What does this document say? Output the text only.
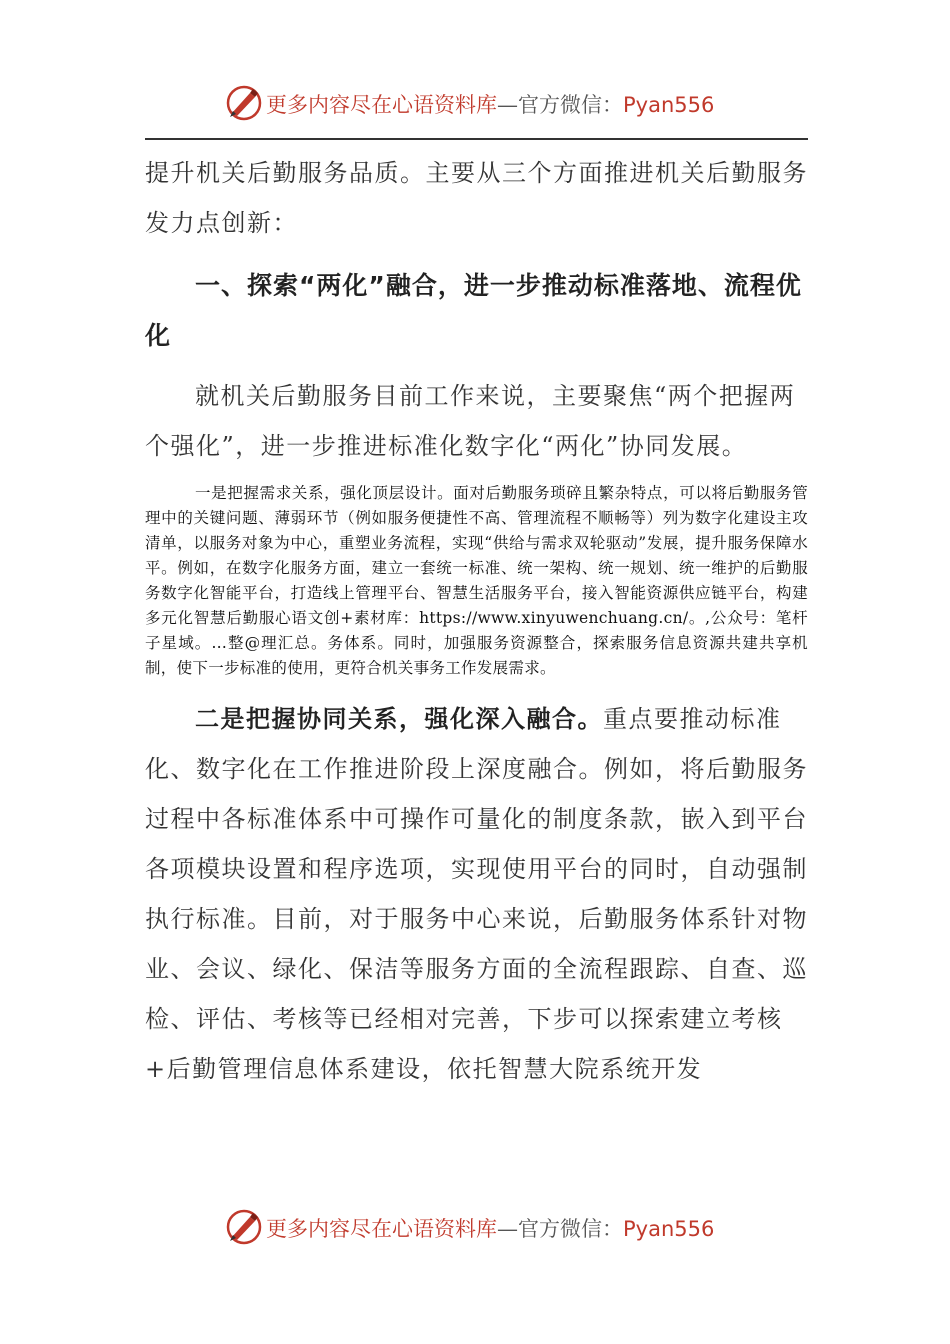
更多内容尽在心语资料库—官方微信：Pyan556

提升机关后勤服务品质。主要从三个方面推进机关后勤服务发力点创新：

一、探索“两化”融合，进一步推动标准落地、流程优化

就机关后勤服务目前工作来说，主要聚焦“两个把握两个强化”，进一步推进标准化数字化“两化”协同发展。

一是把握需求关系，强化顶层设计。面对后勤服务琐碎且繁杂特点，可以将后勤服务管理中的关键问题、薄弱环节（例如服务便捷性不高、管理流程不顺畅等）列为数字化建设主攻清单，以服务对象为中心，重塑业务流程，实现“供给与需求双轮驱动”发展，提升服务保障水平。例如，在数字化服务方面，建立一套统一标准、统一架构、统一规划、统一维护的后勤服务数字化智能平台，打造线上管理平台、智慧生活服务平台，接入智能资源供应链平台，构建多元化智慧后勤服心语文创+素材库：https://www.xinyuwenchuang.cn/。,公众号：笔杆子星域。…整@理汇总。务体系。同时，加强服务资源整合，探索服务信息资源共建共享机制，使下一步标准的使用，更符合机关事务工作发展需求。

二是把握协同关系，强化深入融合。重点要推动标准化、数字化在工作推进阶段上深度融合。例如，将后勤服务过程中各标准体系中可操作可量化的制度条款，嵌入到平台各项模块设置和程序选项，实现使用平台的同时，自动强制执行标准。目前，对于服务中心来说，后勤服务体系针对物业、会议、绿化、保洁等服务方面的全流程跟踪、自查、巡检、评估、考核等已经相对完善，下步可以探索建立考核+后勤管理信息体系建设，依托智慧大院系统开发

更多内容尽在心语资料库—官方微信：Pyan556
